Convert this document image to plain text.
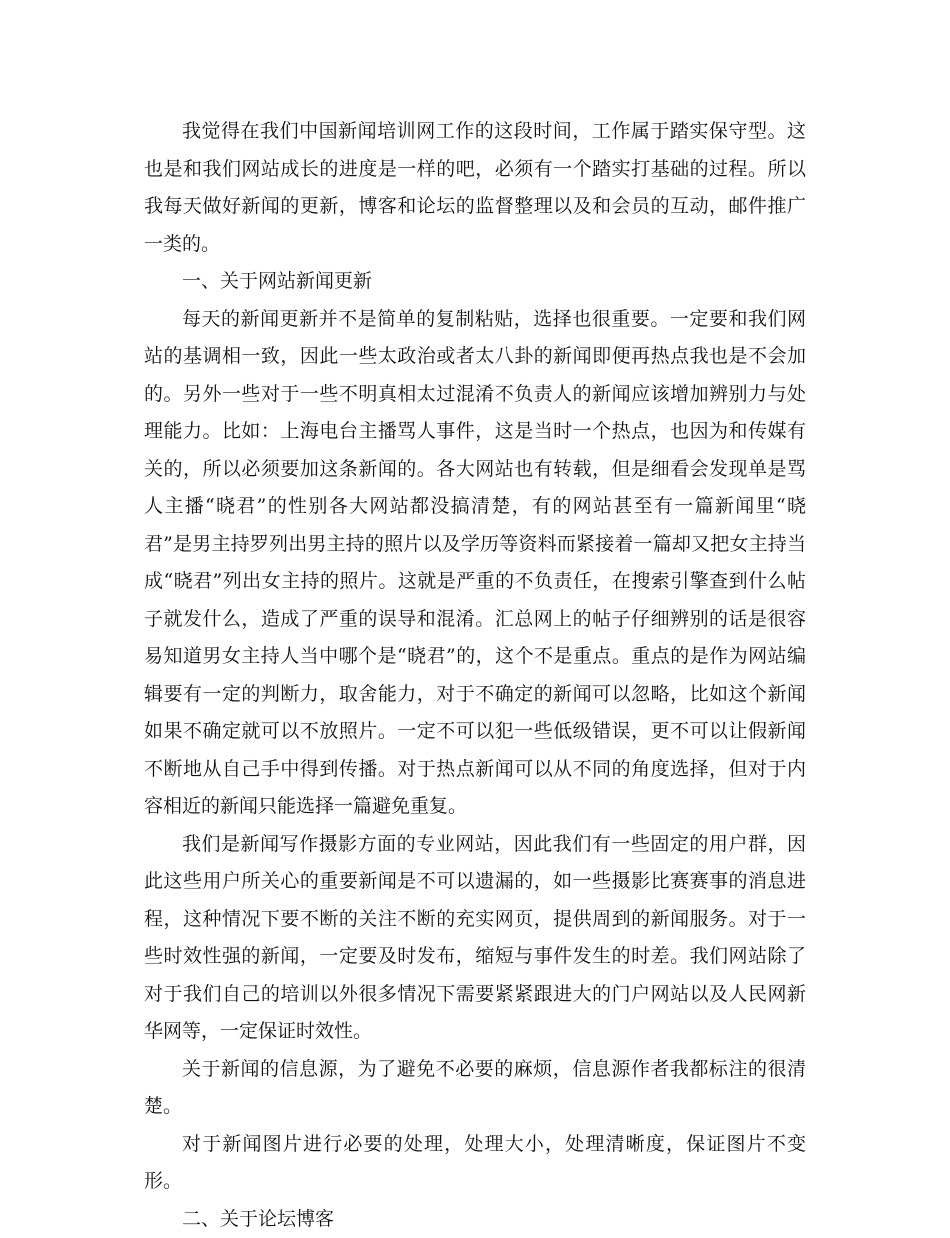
我觉得在我们中国新闻培训网工作的这段时间，工作属于踏实保守型。这也是和我们网站成长的进度是一样的吧，必须有一个踏实打基础的过程。所以我每天做好新闻的更新，博客和论坛的监督整理以及和会员的互动，邮件推广一类的。

一、关于网站新闻更新

每天的新闻更新并不是简单的复制粘贴，选择也很重要。一定要和我们网站的基调相一致，因此一些太政治或者太八卦的新闻即便再热点我也是不会加的。另外一些对于一些不明真相太过混淆不负责人的新闻应该增加辨别力与处理能力。比如：上海电台主播骂人事件，这是当时一个热点，也因为和传媒有关的，所以必须要加这条新闻的。各大网站也有转载，但是细看会发现单是骂人主播“晓君”的性别各大网站都没搞清楚，有的网站甚至有一篇新闻里“晓君”是男主持罗列出男主持的照片以及学历等资料而紧接着一篇却又把女主持当成“晓君”列出女主持的照片。这就是严重的不负责任，在搜索引擎查到什么帖子就发什么，造成了严重的误导和混淆。汇总网上的帖子仔细辨别的话是很容易知道男女主持人当中哪个是“晓君”的，这个不是重点。重点的是作为网站编辑要有一定的判断力，取舍能力，对于不确定的新闻可以忽略，比如这个新闻如果不确定就可以不放照片。一定不可以犯一些低级错误，更不可以让假新闻不断地从自己手中得到传播。对于热点新闻可以从不同的角度选择，但对于内容相近的新闻只能选择一篇避免重复。

我们是新闻写作摄影方面的专业网站，因此我们有一些固定的用户群，因此这些用户所关心的重要新闻是不可以遗漏的，如一些摄影比赛赛事的消息进程，这种情况下要不断的关注不断的充实网页，提供周到的新闻服务。对于一些时效性强的新闻，一定要及时发布，缩短与事件发生的时差。我们网站除了对于我们自己的培训以外很多情况下需要紧紧跟进大的门户网站以及人民网新华网等，一定保证时效性。

关于新闻的信息源，为了避免不必要的麻烦，信息源作者我都标注的很清楚。

对于新闻图片进行必要的处理，处理大小，处理清晰度，保证图片不变形。

二、关于论坛博客
